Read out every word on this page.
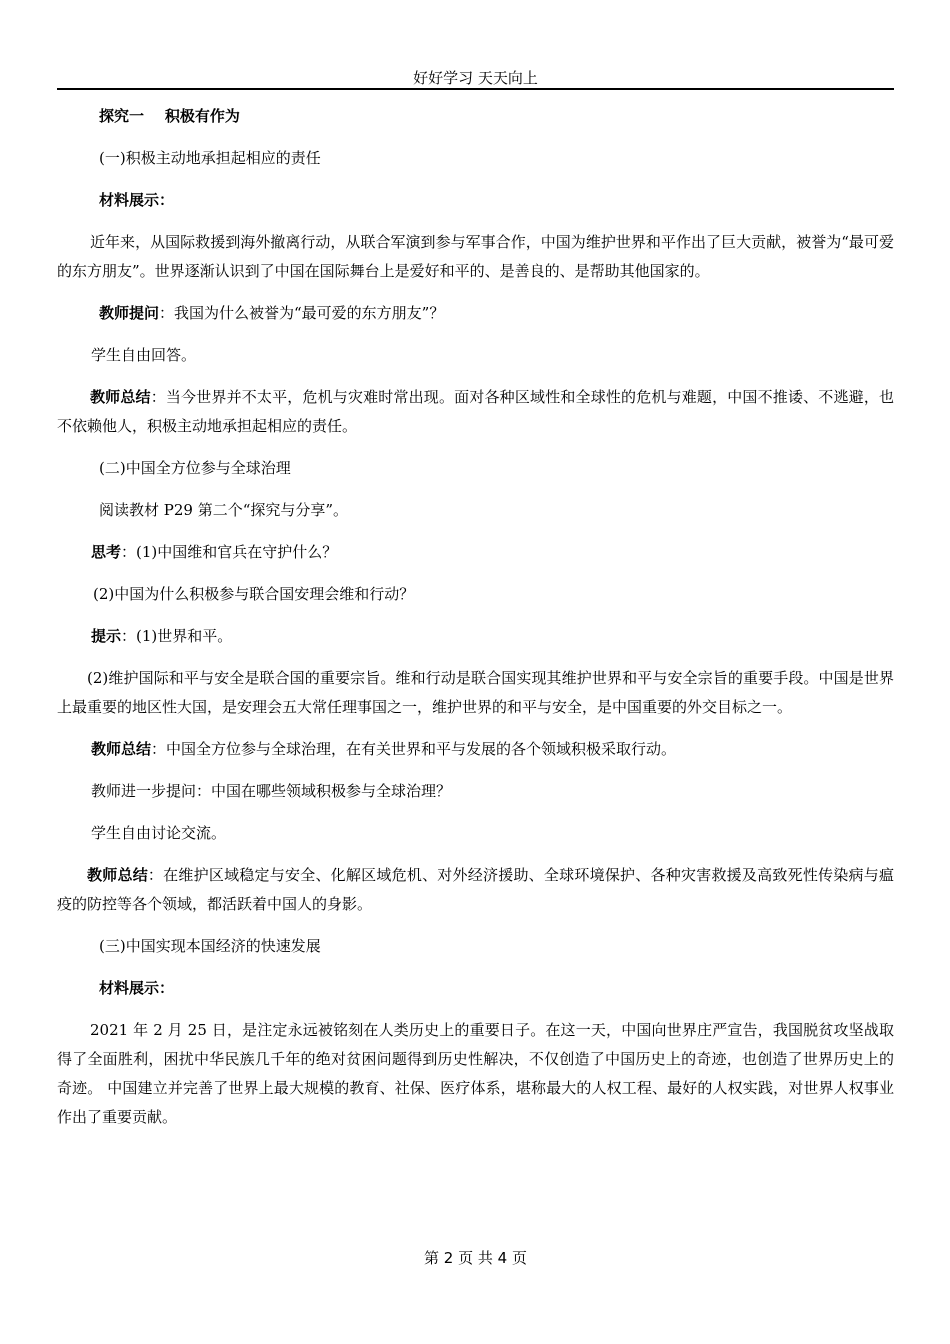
好好学习 天天向上

探究一 积极有作为

(一)积极主动地承担起相应的责任

材料展示：

近年来，从国际救援到海外撤离行动，从联合军演到参与军事合作，中国为维护世界和平作出了巨大贡献，被誉为“最可爱的东方朋友”。世界逐渐认识到了中国在国际舞台上是爱好和平的、是善良的、是帮助其他国家的。

教师提问：我国为什么被誉为“最可爱的东方朋友”？

学生自由回答。

教师总结：当今世界并不太平，危机与灾难时常出现。面对各种区域性和全球性的危机与难题，中国不推诿、不逃避，也不依赖他人，积极主动地承担起相应的责任。

(二)中国全方位参与全球治理

阅读教材 P29 第二个“探究与分享”。

思考：(1)中国维和官兵在守护什么？

(2)中国为什么积极参与联合国安理会维和行动？

提示：(1)世界和平。

(2)维护国际和平与安全是联合国的重要宗旨。维和行动是联合国实现其维护世界和平与安全宗旨的重要手段。中国是世界上最重要的地区性大国，是安理会五大常任理事国之一，维护世界的和平与安全，是中国重要的外交目标之一。

教师总结：中国全方位参与全球治理，在有关世界和平与发展的各个领域积极采取行动。

教师进一步提问：中国在哪些领域积极参与全球治理？

学生自由讨论交流。

教师总结：在维护区域稳定与安全、化解区域危机、对外经济援助、全球环境保护、各种灾害救援及高致死性传染病与瘟疫的防控等各个领域，都活跃着中国人的身影。

(三)中国实现本国经济的快速发展

材料展示：

2021 年 2 月 25 日，是注定永远被铭刻在人类历史上的重要日子。在这一天，中国向世界庄严宣告，我国脱贫攻坚战取得了全面胜利，困扰中华民族几千年的绝对贫困问题得到历史性解决，不仅创造了中国历史上的奇迹，也创造了世界历史上的奇迹。 中国建立并完善了世界上最大规模的教育、社保、医疗体系，堪称最大的人权工程、最好的人权实践，对世界人权事业作出了重要贡献。

第 2 页 共 4 页
